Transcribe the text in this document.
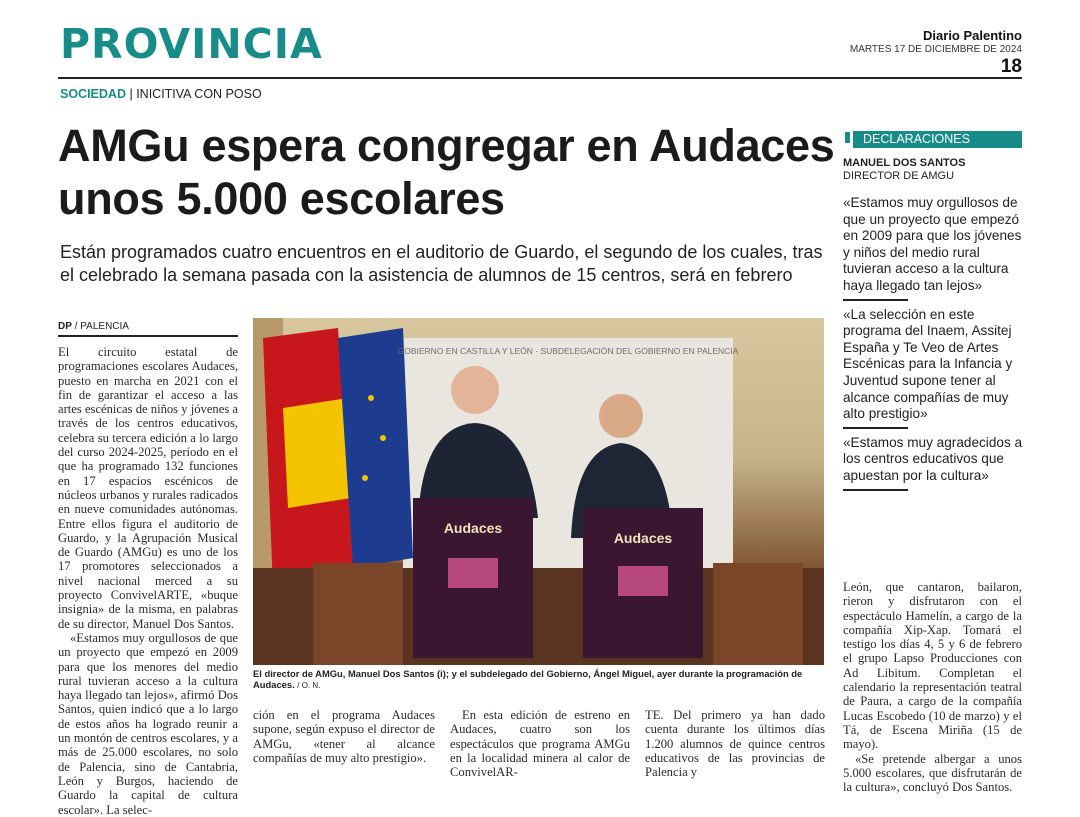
PROVINCIA	Diario Palentino
MARTES 17 DE DICIEMBRE DE 2024
18
SOCIEDAD | INICITIVA CON POSO
AMGu espera congregar en Audaces unos 5.000 escolares
Están programados cuatro encuentros en el auditorio de Guardo, el segundo de los cuales, tras el celebrado la semana pasada con la asistencia de alumnos de 15 centros, será en febrero
DP / PALENCIA

El circuito estatal de programaciones escolares Audaces, puesto en marcha en 2021 con el fin de garantizar el acceso a las artes escénicas de niños y jóvenes a través de los centros educativos, celebra su tercera edición a lo largo del curso 2024-2025, período en el que ha programado 132 funciones en 17 espacios escénicos de núcleos urbanos y rurales radicados en nueve comunidades autónomas. Entre ellos figura el auditorio de Guardo, y la Agrupación Musical de Guardo (AMGu) es uno de los 17 promotores seleccionados a nivel nacional merced a su proyecto ConvivelARTE, «buque insignia» de la misma, en palabras de su director, Manuel Dos Santos.

«Estamos muy orgullosos de que un proyecto que empezó en 2009 para que los menores del medio rural tuvieran acceso a la cultura haya llegado tan lejos», afirmó Dos Santos, quien indicó que a lo largo de estos años ha logrado reunir a un montón de centros escolares, y a más de 25.000 escolares, no solo de Palencia, sino de Cantabria, León y Burgos, haciendo de Guardo la capital de cultura escolar». La selec-

Audaces
Audaces
GOBIERNO EN CASTILLA Y LEÓN · SUBDELEGACIÓN DEL GOBIERNO EN PALENCIA
El director de AMGu, Manuel Dos Santos (i); y el subdelegado del Gobierno, Ángel Miguel, ayer durante la programación de Audaces. / O. N.

ción en el programa Audaces supone, según expuso el director de AMGu, «tener al alcance compañías de muy alto prestigio».

En esta edición de estreno en Audaces, cuatro son los espectáculos que programa AMGu en la localidad minera al calor de ConvivelAR-

TE. Del primero ya han dado cuenta durante los últimos días 1.200 alumnos de quince centros educativos de las provincias de Palencia y

León, que cantaron, bailaron, rieron y disfrutaron con el espectáculo Hamelín, a cargo de la compañía Xip-Xap. Tomará el testigo los días 4, 5 y 6 de febrero el grupo Lapso Producciones con Ad Libitum. Completan el calendario la representación teatral de Paura, a cargo de la compañía Lucas Escobedo (10 de marzo) y el Tá, de Escena Miriña (15 de mayo).

«Se pretende albergar a unos 5.000 escolares, que disfrutarán de la cultura», concluyó Dos Santos.

DECLARACIONES
MANUEL DOS SANTOS
DIRECTOR DE AMGU
«Estamos muy orgullosos de que un proyecto que empezó en 2009 para que los jóvenes y niños del medio rural tuvieran acceso a la cultura haya llegado tan lejos»
«La selección en este programa del Inaem, Assitej España y Te Veo de Artes Escénicas para la Infancia y Juventud supone tener al alcance compañías de muy alto prestigio»
«Estamos muy agradecidos a los centros educativos que apuestan por la cultura»
